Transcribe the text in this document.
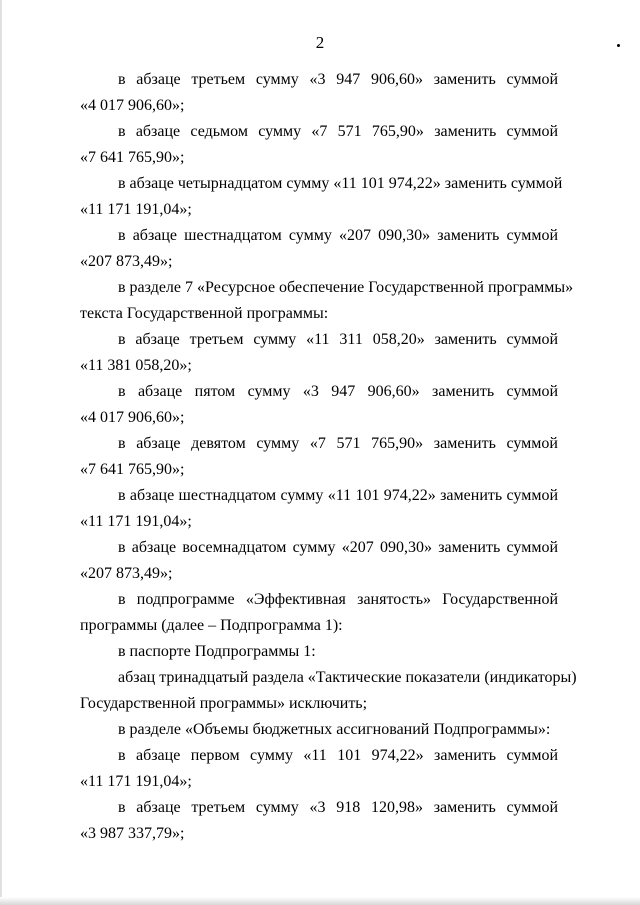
2
в абзаце третьем сумму «3 947 906,60» заменить суммой
«4 017 906,60»;
в абзаце седьмом сумму «7 571 765,90» заменить суммой
«7 641 765,90»;
в абзаце четырнадцатом сумму «11 101 974,22» заменить суммой
«11 171 191,04»;
в абзаце шестнадцатом сумму «207 090,30» заменить суммой
«207 873,49»;
в разделе 7 «Ресурсное обеспечение Государственной программы»
текста Государственной программы:
в абзаце третьем сумму «11 311 058,20» заменить суммой
«11 381 058,20»;
в абзаце пятом сумму «3 947 906,60» заменить суммой
«4 017 906,60»;
в абзаце девятом сумму «7 571 765,90» заменить суммой
«7 641 765,90»;
в абзаце шестнадцатом сумму «11 101 974,22» заменить суммой
«11 171 191,04»;
в абзаце восемнадцатом сумму «207 090,30» заменить суммой
«207 873,49»;
в подпрограмме «Эффективная занятость» Государственной
программы (далее – Подпрограмма 1):
в паспорте Подпрограммы 1:
абзац тринадцатый раздела «Тактические показатели (индикаторы)
Государственной программы» исключить;
в разделе «Объемы бюджетных ассигнований Подпрограммы»:
в абзаце первом сумму «11 101 974,22» заменить суммой
«11 171 191,04»;
в абзаце третьем сумму «3 918 120,98» заменить суммой
«3 987 337,79»;
